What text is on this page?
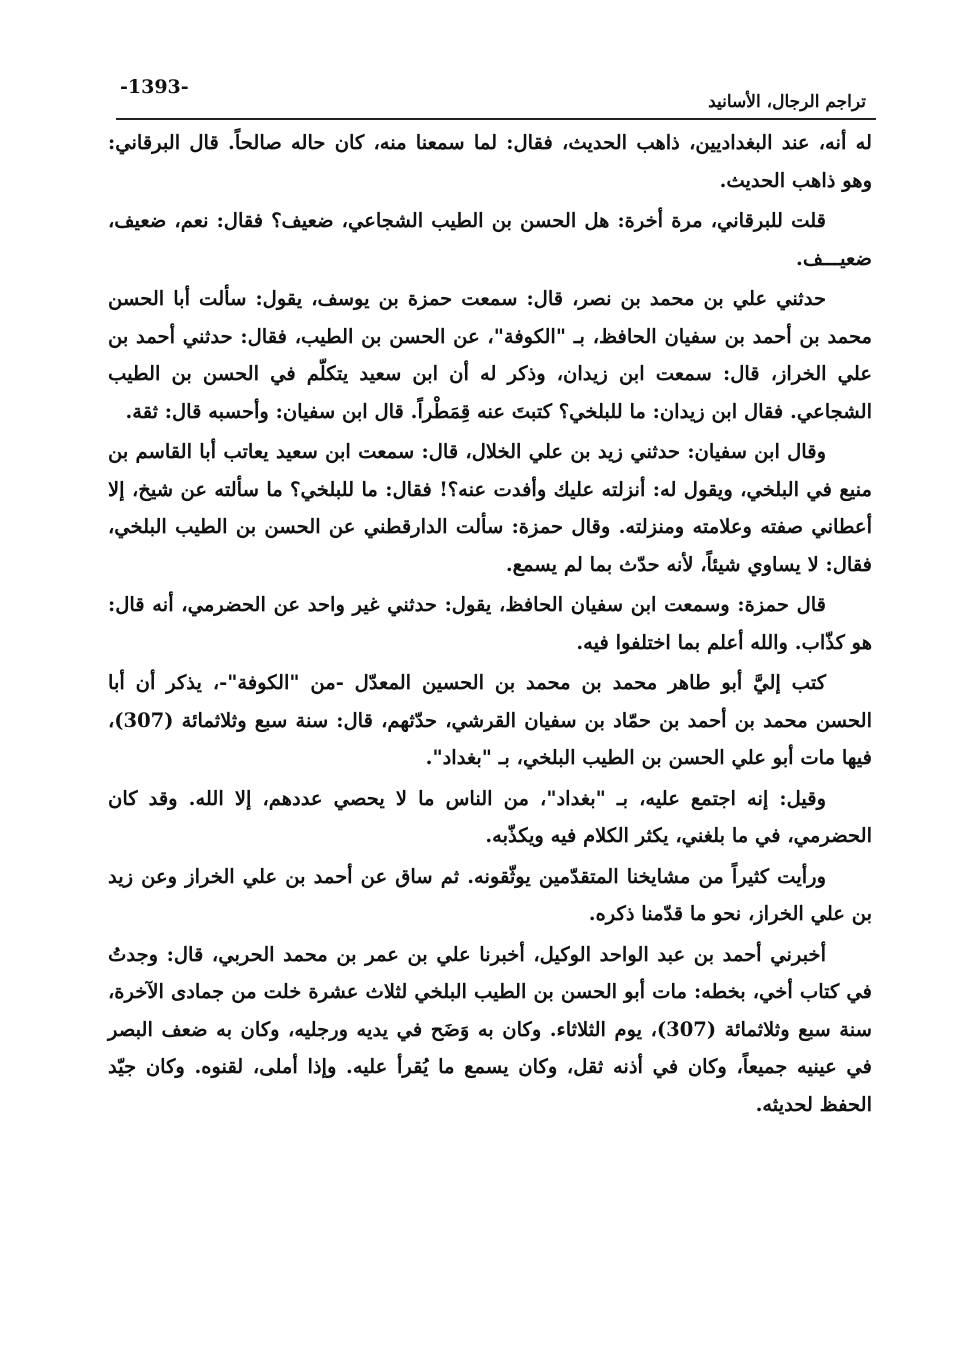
-1393-
تراجم الرجال، الأسانيد

له أنه، عند البغداديين، ذاهب الحديث، فقال: لما سمعنا منه، كان حاله صالحاً. قال البرقاني: وهو ذاهب الحديث.

قلت للبرقاني، مرة أخرة: هل الحسن بن الطيب الشجاعي، ضعيف؟ فقال: نعم، ضعيف، ضعيـــف.

حدثني علي بن محمد بن نصر، قال: سمعت حمزة بن يوسف، يقول: سألت أبا الحسن محمد بن أحمد بن سفيان الحافظ، بـ "الكوفة"، عن الحسن بن الطيب، فقال: حدثني أحمد بن علي الخراز، قال: سمعت ابن زيدان، وذكر له أن ابن سعيد يتكلّم في الحسن بن الطيب الشجاعي. فقال ابن زيدان: ما للبلخي؟ كتبتَ عنه قِمَطْراً. قال ابن سفيان: وأحسبه قال: ثقة.

وقال ابن سفيان: حدثني زيد بن علي الخلال، قال: سمعت ابن سعيد يعاتب أبا القاسم بن منيع في البلخي، ويقول له: أنزلته عليك وأفدت عنه؟! فقال: ما للبلخي؟ ما سألته عن شيخ، إلا أعطاني صفته وعلامته ومنزلته. وقال حمزة: سألت الدارقطني عن الحسن بن الطيب البلخي، فقال: لا يساوي شيئاً، لأنه حدّث بما لم يسمع.

قال حمزة: وسمعت ابن سفيان الحافظ، يقول: حدثني غير واحد عن الحضرمي، أنه قال: هو كذّاب. والله أعلم بما اختلفوا فيه.

كتب إليَّ أبو طاهر محمد بن محمد بن الحسين المعدّل -من "الكوفة"-، يذكر أن أبا الحسن محمد بن أحمد بن حمّاد بن سفيان القرشي، حدّثهم، قال: سنة سبع وثلاثمائة (307)، فيها مات أبو علي الحسن بن الطيب البلخي، بـ "بغداد".

وقيل: إنه اجتمع عليه، بـ "بغداد"، من الناس ما لا يحصي عددهم، إلا الله. وقد كان الحضرمي، في ما بلغني، يكثر الكلام فيه ويكذّبه.

ورأيت كثيراً من مشايخنا المتقدّمين يوثّقونه. ثم ساق عن أحمد بن علي الخراز وعن زيد بن علي الخراز، نحو ما قدّمنا ذكره.

أخبرني أحمد بن عبد الواحد الوكيل، أخبرنا علي بن عمر بن محمد الحربي، قال: وجدتُ في كتاب أخي، بخطه: مات أبو الحسن بن الطيب البلخي لثلاث عشرة خلت من جمادى الآخرة، سنة سبع وثلاثمائة (307)، يوم الثلاثاء. وكان به وَضَح في يديه ورجليه، وكان به ضعف البصر في عينيه جميعاً، وكان في أذنه ثقل، وكان يسمع ما يُقرأ عليه. وإذا أملى، لقنوه. وكان جيّد الحفظ لحديثه.
